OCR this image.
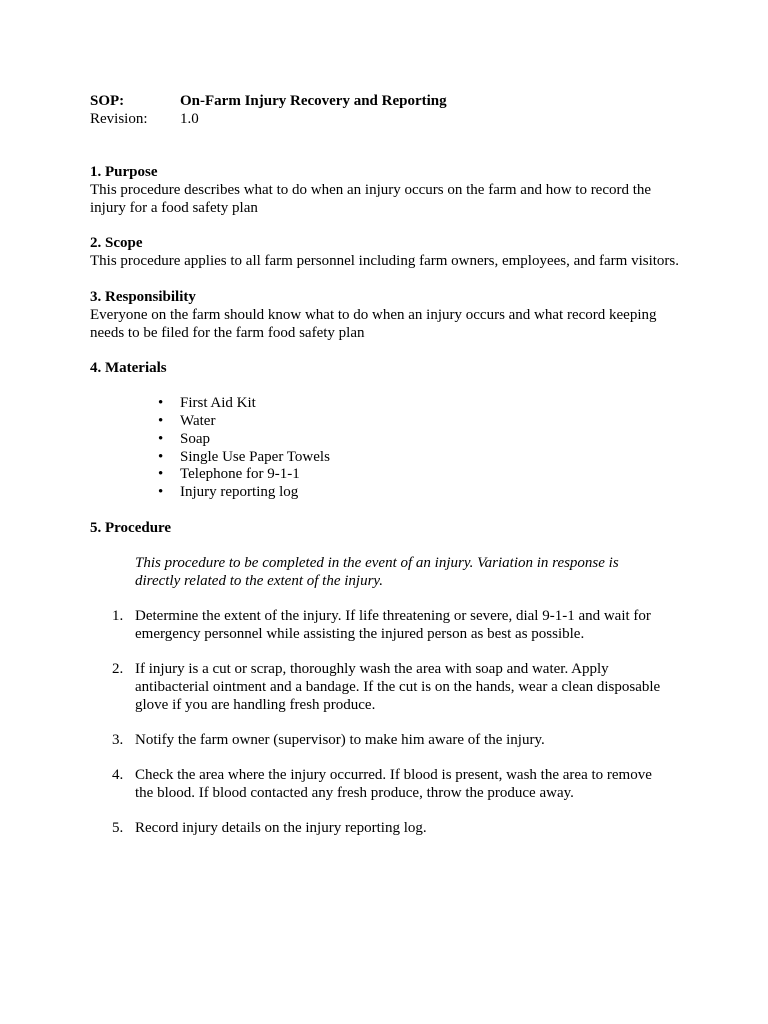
SOP:	On-Farm Injury Recovery and Reporting
Revision:	1.0
1. Purpose
This procedure describes what to do when an injury occurs on the farm and how to record the injury for a food safety plan
2. Scope
This procedure applies to all farm personnel including farm owners, employees, and farm visitors.
3. Responsibility
Everyone on the farm should know what to do when an injury occurs and what record keeping needs to be filed for the farm food safety plan
4. Materials
• First Aid Kit
• Water
• Soap
• Single Use Paper Towels
• Telephone for 9-1-1
• Injury reporting log
5. Procedure
This procedure to be completed in the event of an injury. Variation in response is directly related to the extent of the injury.
1. Determine the extent of the injury. If life threatening or severe, dial 9-1-1 and wait for emergency personnel while assisting the injured person as best as possible.
2. If injury is a cut or scrap, thoroughly wash the area with soap and water. Apply antibacterial ointment and a bandage. If the cut is on the hands, wear a clean disposable glove if you are handling fresh produce.
3. Notify the farm owner (supervisor) to make him aware of the injury.
4. Check the area where the injury occurred. If blood is present, wash the area to remove the blood. If blood contacted any fresh produce, throw the produce away.
5. Record injury details on the injury reporting log.
